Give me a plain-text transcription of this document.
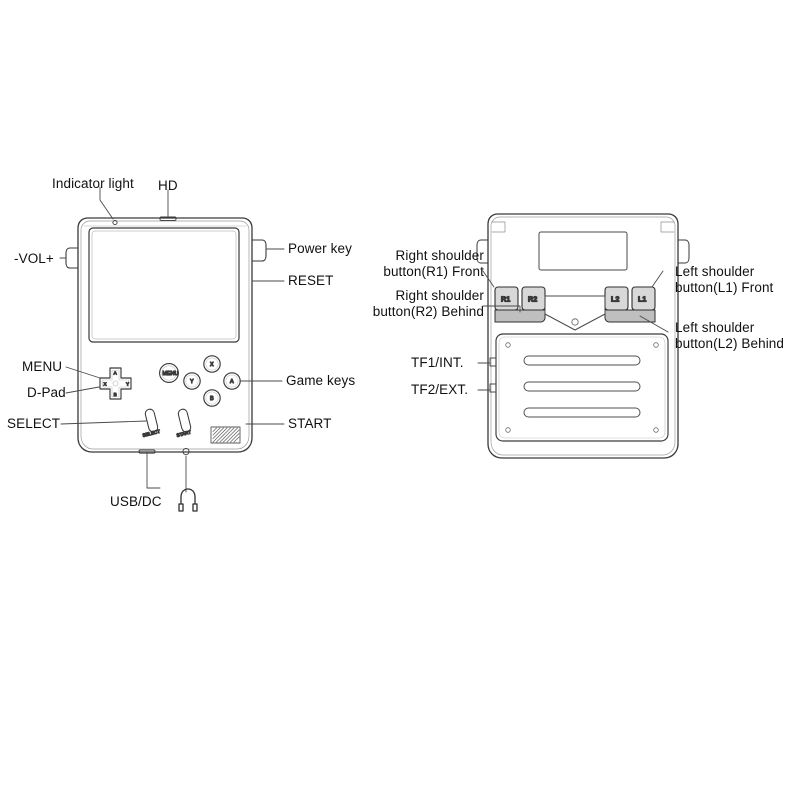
A
X	Y
B
MENU
X
A
B
Y
SELECT	START
R1 R2	L2	L1
Indicator light HD
-VOL+
Power key
RESET
MENU
D-Pad
SELECT
Game keys
START
USB/DC
Right shoulder button(R1) Front
Right shoulder button(R2) Behind
Left shoulder button(L1) Front
Left shoulder button(L2) Behind
TF1/INT.
TF2/EXT.
